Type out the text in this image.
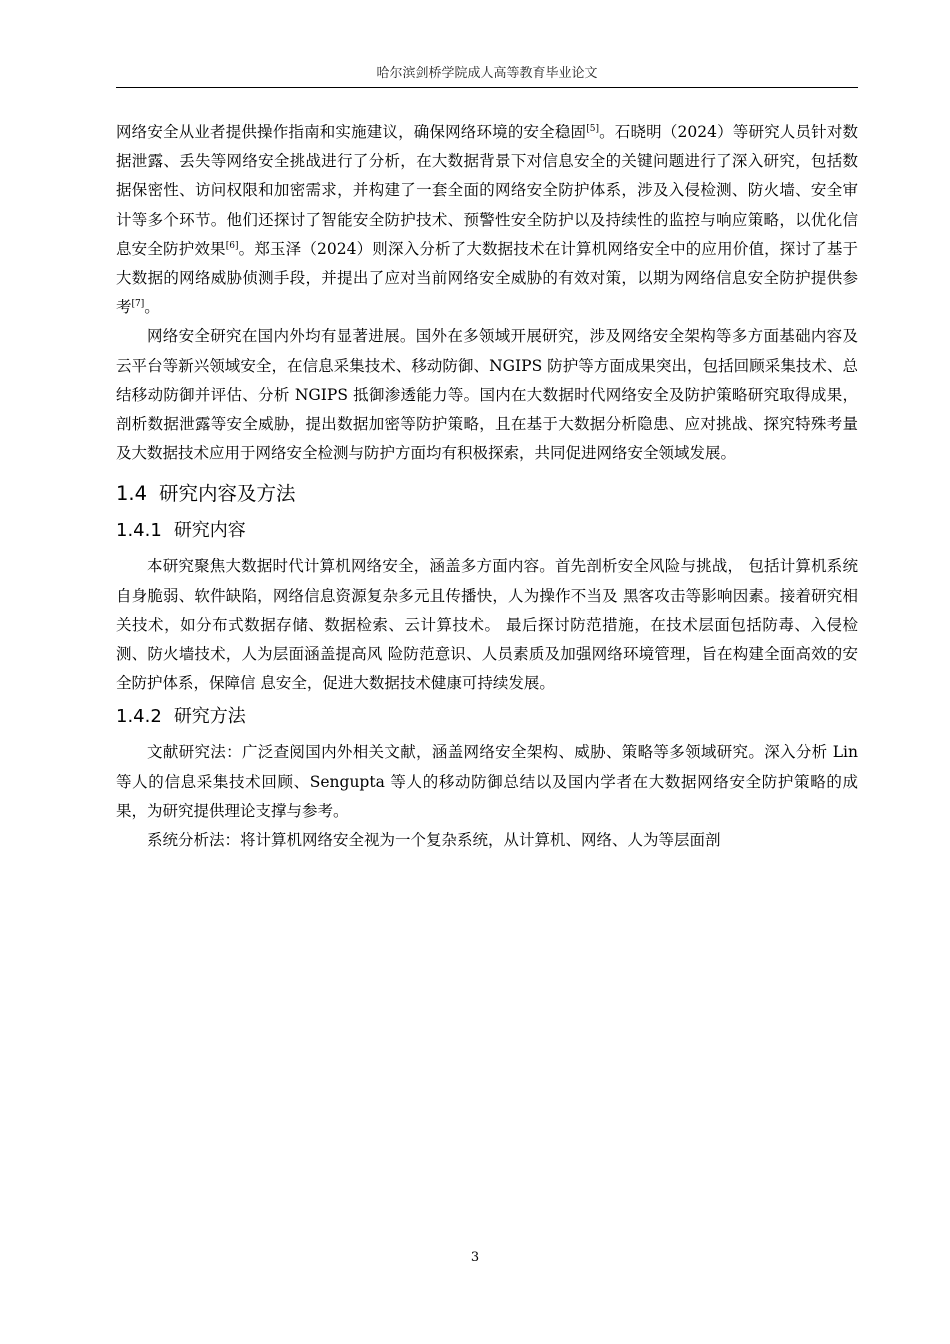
哈尔滨剑桥学院成人高等教育毕业论文

网络安全从业者提供操作指南和实施建议，确保网络环境的安全稳固[5]。石晓明（2024）等研究人员针对数据泄露、丢失等网络安全挑战进行了分析，在大数据背景下对信息安全的关键问题进行了深入研究，包括数据保密性、访问权限和加密需求，并构建了一套全面的网络安全防护体系，涉及入侵检测、防火墙、安全审计等多个环节。他们还探讨了智能安全防护技术、预警性安全防护以及持续性的监控与响应策略，以优化信息安全防护效果[6]。郑玉泽（2024）则深入分析了大数据技术在计算机网络安全中的应用价值，探讨了基于大数据的网络威胁侦测手段，并提出了应对当前网络安全威胁的有效对策，以期为网络信息安全防护提供参考[7]。

网络安全研究在国内外均有显著进展。国外在多领域开展研究，涉及网络安全架构等多方面基础内容及云平台等新兴领域安全，在信息采集技术、移动防御、NGIPS 防护等方面成果突出，包括回顾采集技术、总结移动防御并评估、分析 NGIPS 抵御渗透能力等。国内在大数据时代网络安全及防护策略研究取得成果，剖析数据泄露等安全威胁，提出数据加密等防护策略，且在基于大数据分析隐患、应对挑战、探究特殊考量及大数据技术应用于网络安全检测与防护方面均有积极探索，共同促进网络安全领域发展。

1.4 研究内容及方法
1.4.1 研究内容

本研究聚焦大数据时代计算机网络安全，涵盖多方面内容。首先剖析安全风险与挑战， 包括计算机系统自身脆弱、软件缺陷，网络信息资源复杂多元且传播快，人为操作不当及 黑客攻击等影响因素。接着研究相关技术，如分布式数据存储、数据检索、云计算技术。 最后探讨防范措施，在技术层面包括防毒、入侵检测、防火墙技术，人为层面涵盖提高风 险防范意识、人员素质及加强网络环境管理，旨在构建全面高效的安全防护体系，保障信 息安全，促进大数据技术健康可持续发展。

1.4.2 研究方法

文献研究法：广泛查阅国内外相关文献，涵盖网络安全架构、威胁、策略等多领域研究。深入分析 Lin 等人的信息采集技术回顾、Sengupta 等人的移动防御总结以及国内学者在大数据网络安全防护策略的成果，为研究提供理论支撑与参考。

系统分析法：将计算机网络安全视为一个复杂系统，从计算机、网络、人为等层面剖

3
